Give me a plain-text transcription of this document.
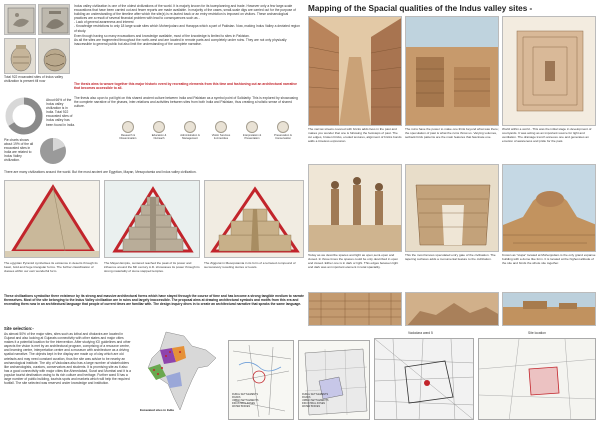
Indus valley civilization is one of the oldest civilizations of the world. It is majorly known for its townplanning and trade. However only a few large-scale excavations that have been carried out and fewer reports are made available. In majority of the cases, small-scale digs are carried out for the purpose of building an understanding of the timeline after which the site(s) is re-buried back or an entry restriction is imposed on visitors. These archaeological practices are a result of several financial problem with lead to consequences such as -
- Lack of general awareness and interest
- Knowledge restrictions to only 18 large scale sites which Mohenjodaro and Harappa which a part of Pakistan. Now, making Indus Valley a deviated region of study.
Even though having so many excavations and knowledge available, most of the knowledge is limited to sites in Pakistan.
As all the sites are fragmented throughout the north-west and are located in remote parts and completely under ruins. They are not only physically inaccessible to general public but also limit the understanding of the complete narrative.
Total 922 excavated sites of Indus valley civilization is present till now
About 66% of the Indus valley civilization is in India. Total 922 excavated sites of Indus valley has been found in India.
Pie charts shows about 19% of the all excavated sites in India are related to Indus Valley civilization.
The thesis aims to weave together this major historic event by recreating elements from this time and fashioning out an architectural narrative that becomes accessible to all.
The thesis also upon to put light on this shared ancient culture between India and Pakistan as a symbol point of Solidarity. This is explored by showcasing the complete narrative of the phases, inter-relations and activities between sites from both India and Pakistan, thus creating a holistic sense of shared culture.
Research & Dissemination
Education & Outreach
Administration & Management
Visitor Services & Amenities
Interpretation & Presentation
Preservation & Conservation
There are many civilizations around the world. But the most ancient are Egyptian, Mayan, Mesopotamia and Indus valley civilization.
The egyptian Pyramid symbolises its existence in deserts through its basic, bold and huge triangular forms. The further classification of classes within our own wonderful form.
The Mayan Empire, centered reached the peak of its power and influence around the 6th century A.D. showcases its power through its strong materiality of stone stepped temples.
The Ziggurat in Mesopotamia in its form of a terraced compound of successively receding stories or levels.
These civilizations symbolise there existence by its strong and massive architectural forms which have stayed through the course of time and has become a strong tangible medium to narrate themselves. Most of the site belonging to the Indus Valley civilization are in ruins and largely inaccessible. The proposal aims at drawing architectural symbols and motifs from this era and recreating them now in an architectural language that people of current times are familiar with. The design inquiry dives in to create an architectural narrative that speaks the same language.
Site selection:-
As almost 50% of the major sites, sites such as lothal and dholavira are located in Gujarat and also looking at Gujarats connectivity with other states and major cities makes it a potential location for the intervention. After studying IGI guidelines and other aspects the vision is met by an architectural program, comprising of a resource centre, and learning centre, interpretation centre and a museum with architecture as a driving spatial narrative. The objects kept in the display are made up of clay which are old artefacts and may need constant curation, thus the site was advice to be nearby an archaeological institute. The city of Vadodara also has a large number of stakeholders like archaeologists, curators, conservators and students. It is promising site as it also has a good connectivity with major cities like Ahmedabad, Surat and Mumbai and it is a popular tourist destination owing to its rich culture and heritage. Further ward 5 has a large number of public building, tourists spots and markets which will help the required footfall. The site selected was reserved under knowledge and institution.
Excavated sites in India
RURAL SETTLEMENTS
ROADS
URBAN SETTLEMENTS
INDUSTRIAL ZONES
WATER BODIES
RURAL SETTLEMENTS
ROADS
URBAN SETTLEMENTS
INDUSTRIAL ZONES
WATER BODIES
Vadodara ward 5	Site location
Mapping of the Spacial qualities of the Indus valley sites -
The narrow streets covered with bricks adds lives in the past and makes you wonder that one is following the footsteps of past. The cut edges, broken bricks, eroded textures, alignment of bricks bonds adds a timeless expression.
The ruins have the power to make one think beyond what was there; the speculation of past is what the ruins throw us. Varying volumes, setback brick patterns are the main features that fascinate one.
World within a world - This was the initial stage in development of courtyards. It was acting as an important source for light and ventilation. The drainage trench annexes one and generates an emotion of awareness and pride for the past.
Today as we describe spaces and light as open,semi-open and closed. In those times the spaces could be only described in open and closed. Either one is in dark or light. This edges between light and dark was an important element in total spaciality.
This the most famous speculated entry gate of the civilisation. The tapering surfaces adds a monumental feature to the civilization.
Known as "stupa" located at Mohenjodaro is the only grand expanse building with a dome like form. It is located at the highest altitude of the site and binds the whole site together.
